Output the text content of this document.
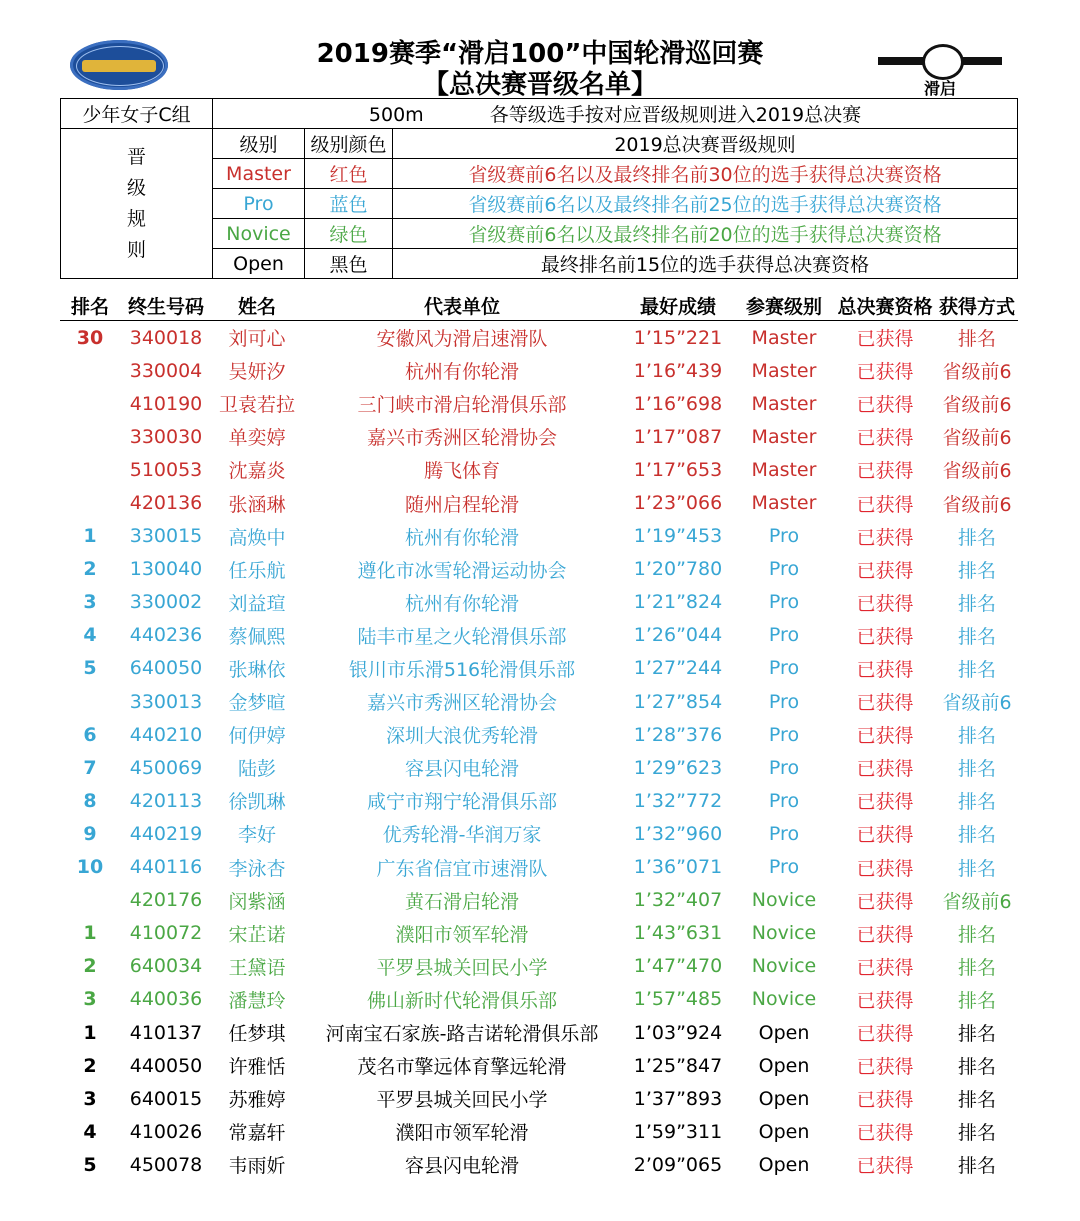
2019赛季“滑启100”中国轮滑巡回赛
【总决赛晋级名单】	滑启
少年女子C组	500m 各等级选手按对应晋级规则进入2019总决赛		
晋
级
规
则	级别	级别颜色	2019总决赛晋级规则
	Master	红色	省级赛前6名以及最终排名前30位的选手获得总决赛资格
	Pro	蓝色	省级赛前6名以及最终排名前25位的选手获得总决赛资格
	Novice	绿色	省级赛前6名以及最终排名前20位的选手获得总决赛资格
	Open	黑色	最终排名前15位的选手获得总决赛资格
排名	终生号码	姓名	代表单位	最好成绩	参赛级别	总决赛资格	获得方式
30	340018	刘可心	安徽风为滑启速滑队	1’15”221	Master	已获得	排名
	330004	吴妍汐	杭州有你轮滑	1’16”439	Master	已获得	省级前6
	410190	卫袁若拉	三门峡市滑启轮滑俱乐部	1’16”698	Master	已获得	省级前6
	330030	单奕婷	嘉兴市秀洲区轮滑协会	1’17”087	Master	已获得	省级前6
	510053	沈嘉炎	腾飞体育	1’17”653	Master	已获得	省级前6
	420136	张涵琳	随州启程轮滑	1’23”066	Master	已获得	省级前6
1	330015	高焕中	杭州有你轮滑	1’19”453	Pro	已获得	排名
2	130040	任乐航	遵化市冰雪轮滑运动协会	1’20”780	Pro	已获得	排名
3	330002	刘益瑄	杭州有你轮滑	1’21”824	Pro	已获得	排名
4	440236	蔡佩熙	陆丰市星之火轮滑俱乐部	1’26”044	Pro	已获得	排名
5	640050	张琳依	银川市乐滑516轮滑俱乐部	1’27”244	Pro	已获得	排名
	330013	金梦暄	嘉兴市秀洲区轮滑协会	1’27”854	Pro	已获得	省级前6
6	440210	何伊婷	深圳大浪优秀轮滑	1’28”376	Pro	已获得	排名
7	450069	陆彭	容县闪电轮滑	1’29”623	Pro	已获得	排名
8	420113	徐凯琳	咸宁市翔宁轮滑俱乐部	1’32”772	Pro	已获得	排名
9	440219	李好	优秀轮滑-华润万家	1’32”960	Pro	已获得	排名
10	440116	李泳杏	广东省信宜市速滑队	1’36”071	Pro	已获得	排名
	420176	闵紫涵	黄石滑启轮滑	1’32”407	Novice	已获得	省级前6
1	410072	宋芷诺	濮阳市领军轮滑	1’43”631	Novice	已获得	排名
2	640034	王黛语	平罗县城关回民小学	1’47”470	Novice	已获得	排名
3	440036	潘慧玲	佛山新时代轮滑俱乐部	1’57”485	Novice	已获得	排名
1	410137	任梦琪	河南宝石家族-路吉诺轮滑俱乐部	1’03”924	Open	已获得	排名
2	440050	许雅恬	茂名市擎远体育擎远轮滑	1’25”847	Open	已获得	排名
3	640015	苏雅婷	平罗县城关回民小学	1’37”893	Open	已获得	排名
4	410026	常嘉轩	濮阳市领军轮滑	1’59”311	Open	已获得	排名
5	450078	韦雨妡	容县闪电轮滑	2’09”065	Open	已获得	排名
